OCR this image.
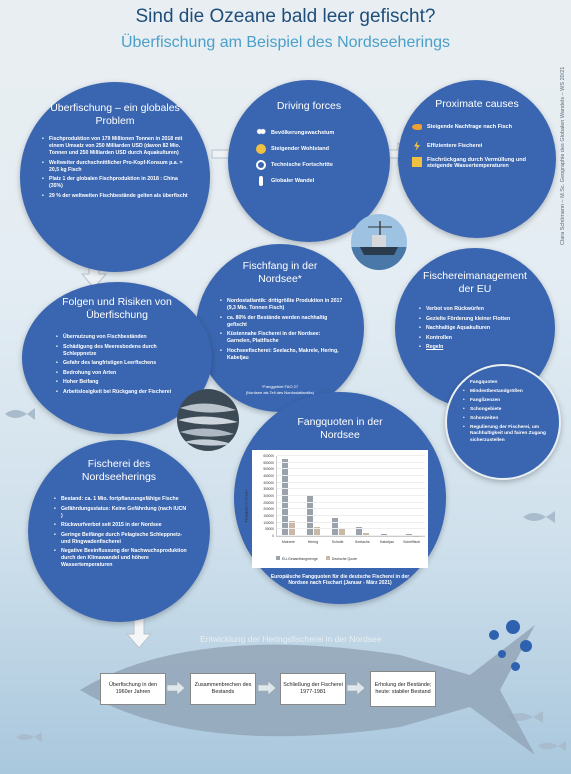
Sind die Ozeane bald leer gefischt?
Überfischung am Beispiel des Nordseeherings
Clara Schömann – M.Sc. Geographie des Globalen Wandels – WS 20/21
Überfischung – ein globales Problem
• Fischproduktion von 179 Millionen Tonnen in 2018 mit einem Umsatz von 250 Milliarden USD (davon 82 Mio. Tonnen und 250 Milliarden USD durch Aquakulturen)
• Weltweiter durchschnittlicher Pro-Kopf-Konsum p.a. = 20,5 kg Fisch
• Platz 1 der globalen Fischproduktion in 2018 : China (35%)
• 29 % der weltweiten Fischbestände gelten als überfischt
Driving forces
Bevölkerungswachstum
Steigender Wohlstand
Technische Fortschritte
Globaler Wandel
Proximate causes
Steigende Nachfrage nach Fisch
Effizientere Fischerei
Fischrückgang durch Vermüllung und steigende Wassertemperaturen
Fischfang in der Nordsee*
• Nordostatlantik: drittgrößte Produktion in 2017 (9,3 Mio. Tonnen Fisch)
• ca. 80% der Bestände werden nachhaltig gefischt
• Küstennahe Fischerei in der Nordsee: Garnelen, Plattfische
• Hochseefischerei: Seelachs, Makrele, Hering, Kabeljau
*Fanggebiet FAO 27
(Nordsee als Teil des Nordostatlantiks)
Fischereimanagement der EU
• Verbot von Rückwürfen
• Gezielte Förderung kleiner Flotten
• Nachhaltige Aquakulturen
• Kontrollen
• Regeln
• Fangquoten
• Mindestbestandgrößen
• Fanglizenzen
• Schongebiete
• Schonzeiten
• Regulierung der Fischerei, um Nachhaltigkeit und fairen Zugang sicherzustellen
Folgen und Risiken von Überfischung
• Übernutzung von Fischbeständen
• Schädigung des Meeresbodens durch Schleppnetze
• Gefahr des langfristigen Leerfischens
• Bedrohung von Arten
• Hoher Beifang
• Arbeitslosigkeit bei Rückgang der Fischerei
Fischerei des Nordseeherings
• Bestand: ca. 1 Mio. fortpflanzungsfähige Fische
• Gefährdungsstatus: Keine Gefährdung (nach IUCN )
• Rückwurfverbot seit 2015 in der Nordsee
• Geringe Beifänge durch Pelagische Schleppnetz- und Ringwadenfischerei
• Negative Beeinflussung der Nachwuchsproduktion durch den Klimawandel und höhere Wassertemperaturen
Fangquoten in der Nordsee
Fangquote in Tonnen
0
50000
100000
150000
200000
250000
300000
350000
400000
450000
500000
550000
600000
Makrele	Hering	Scholle	Seelachs	Kabeljau	Schellfisch
EU-Gesamtfangmenge	Deutsche Quote
Europäische Fangquoten für die deutsche Fischerei in der Nordsee nach Fischart (Januar - März 2021)
Entwicklung der Heringsfischerei in der Nordsee
Überfischung in den 1960er Jahren
Zusammenbrechen des Bestands
Schließung der Fischerei 1977-1981
Erholung der Bestände; heute: stabiler Bestand
